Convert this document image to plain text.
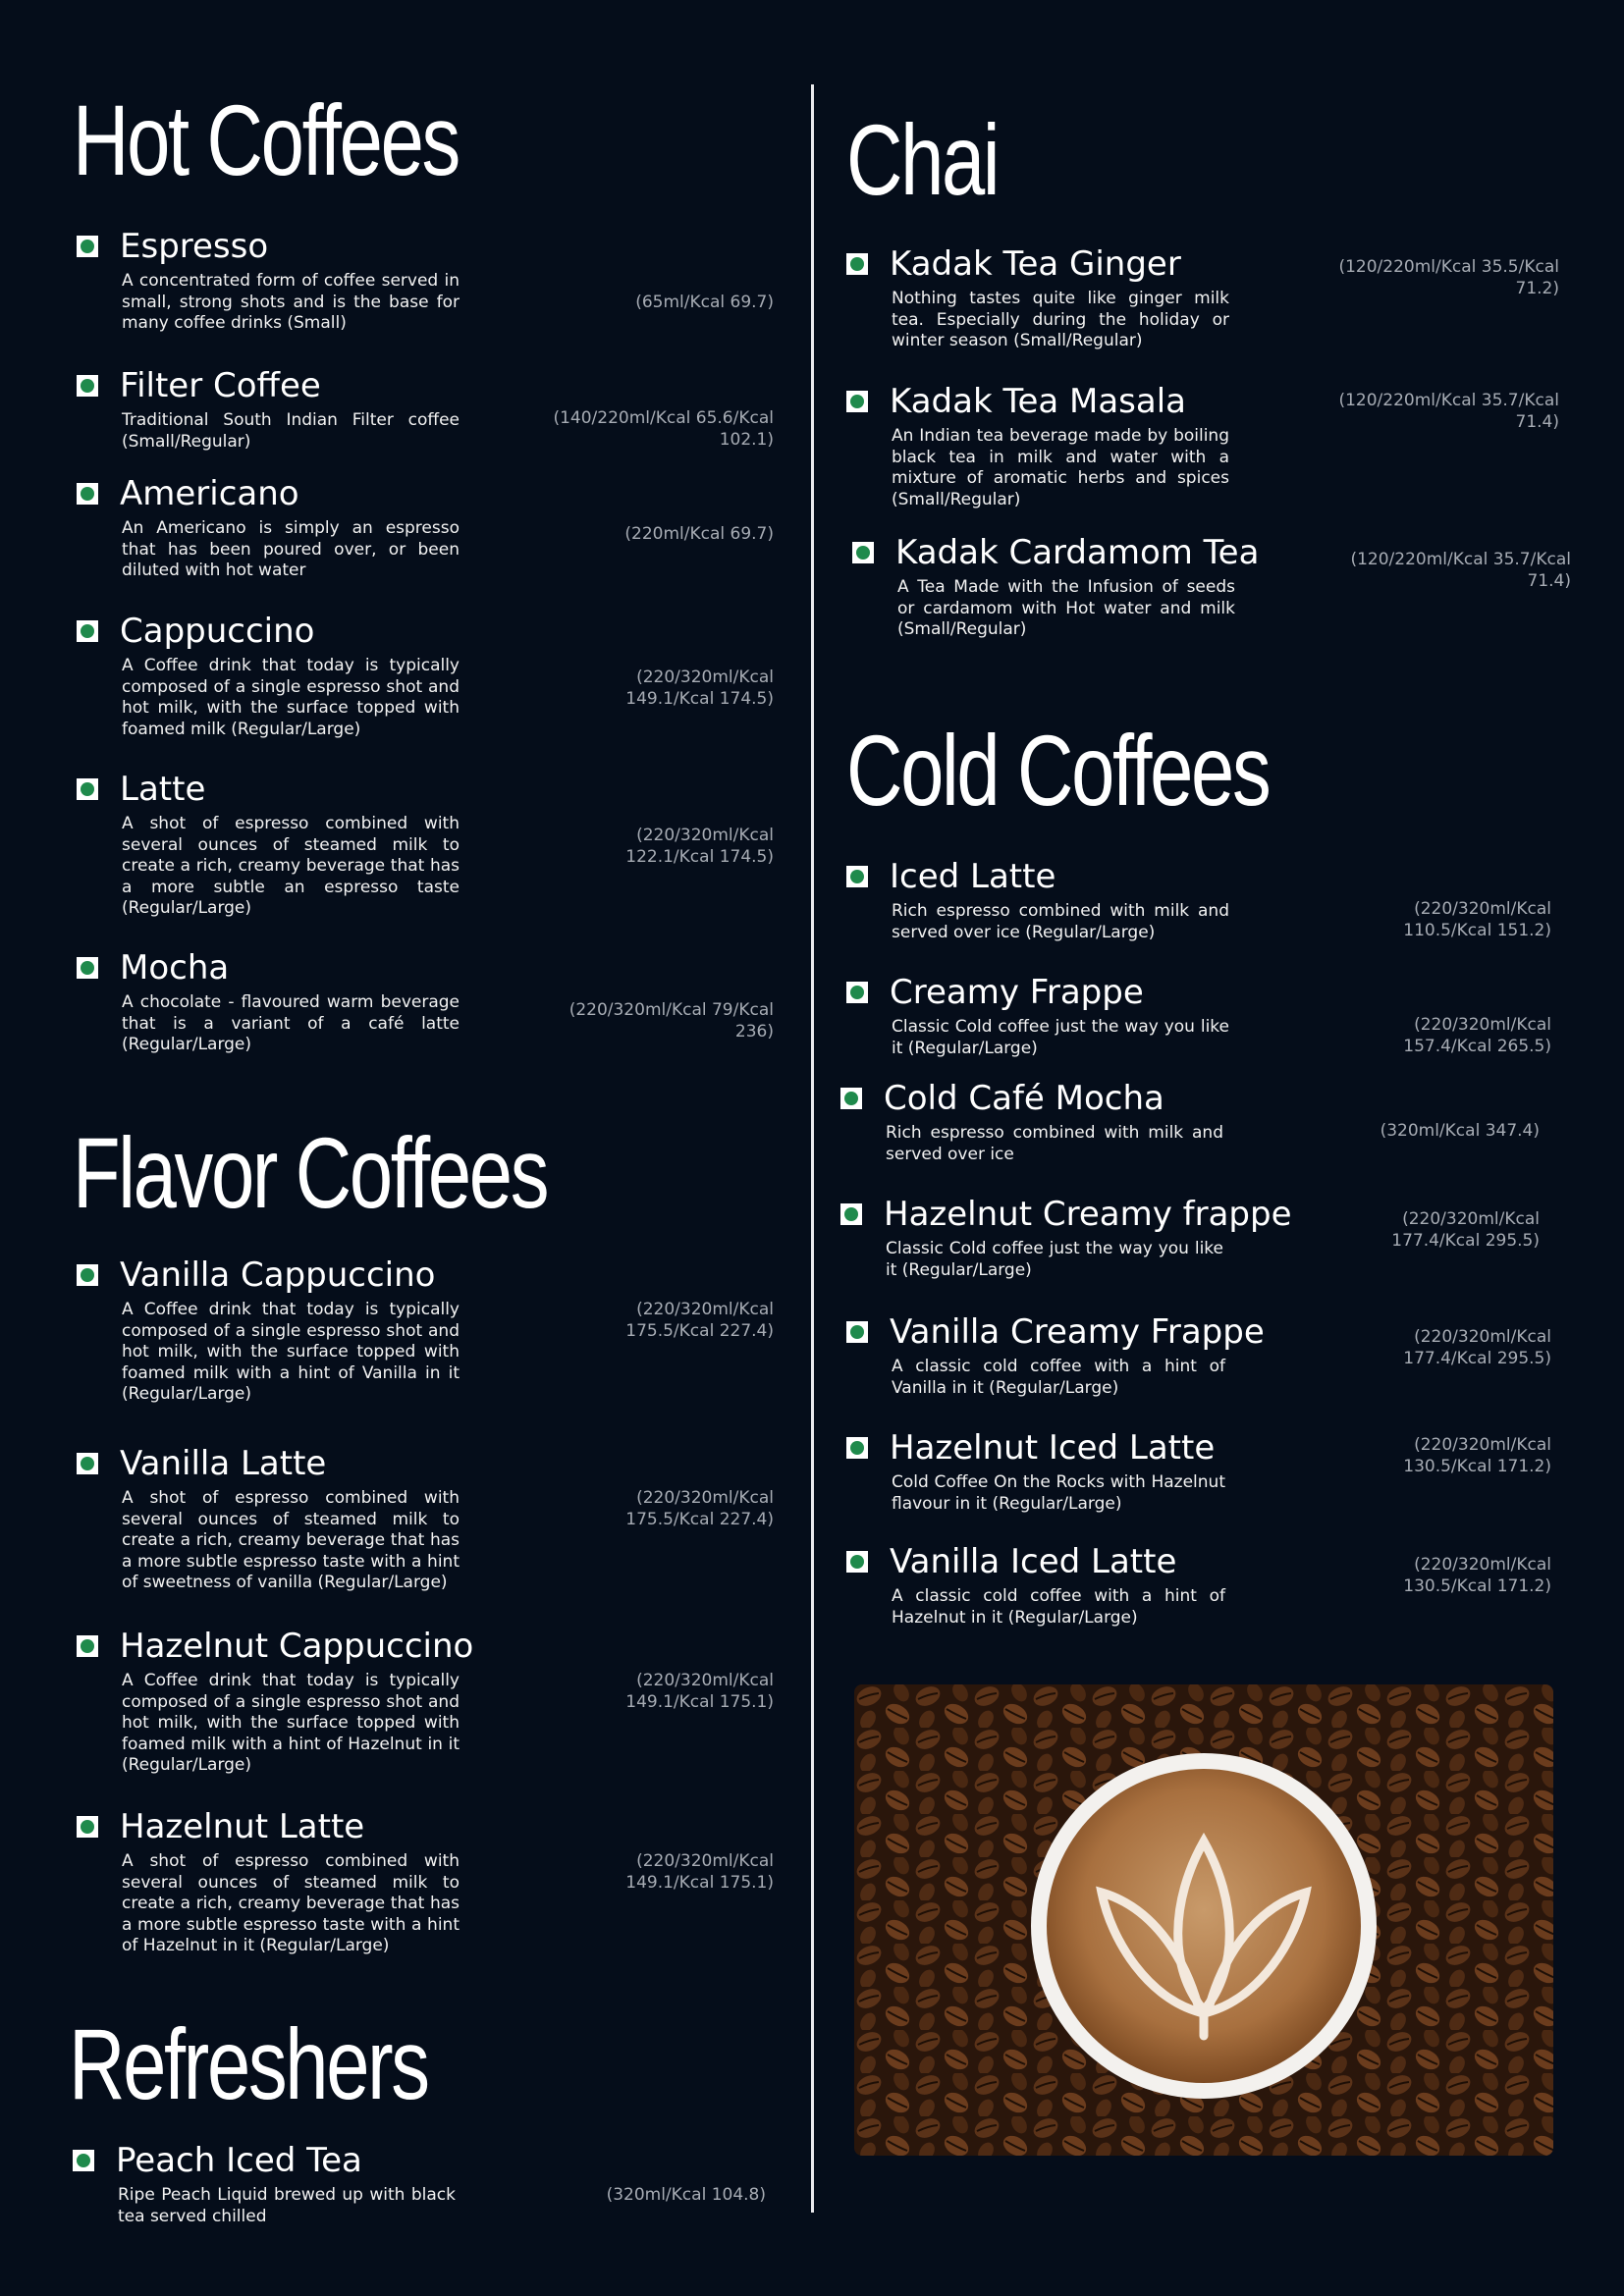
Hot Coffees
Espresso

A concentrated form of coffee served in small, strong shots and is the base for many coffee drinks (Small)

(65ml/Kcal 69.7)

Filter Coffee

Traditional South Indian Filter coffee (Small/Regular)

(140/220ml/Kcal 65.6/Kcal 102.1)

Americano

An Americano is simply an espresso that has been poured over, or been diluted with hot water

(220ml/Kcal 69.7)

Cappuccino

A Coffee drink that today is typically composed of a single espresso shot and hot milk, with the surface topped with foamed milk (Regular/Large)

(220/320ml/Kcal 149.1/Kcal 174.5)

Latte

A shot of espresso combined with several ounces of steamed milk to create a rich, creamy beverage that has a more subtle an espresso taste (Regular/Large)

(220/320ml/Kcal 122.1/Kcal 174.5)

Mocha

A chocolate - flavoured warm beverage that is a variant of a café latte (Regular/Large)

(220/320ml/Kcal 79/Kcal 236)

Flavor Coffees
Vanilla Cappuccino

A Coffee drink that today is typically composed of a single espresso shot and hot milk, with the surface topped with foamed milk with a hint of Vanilla in it (Regular/Large)

(220/320ml/Kcal 175.5/Kcal 227.4)

Vanilla Latte

A shot of espresso combined with several ounces of steamed milk to create a rich, creamy beverage that has a more subtle espresso taste with a hint of sweetness of vanilla (Regular/Large)

(220/320ml/Kcal 175.5/Kcal 227.4)

Hazelnut Cappuccino

A Coffee drink that today is typically composed of a single espresso shot and hot milk, with the surface topped with foamed milk with a hint of Hazelnut in it (Regular/Large)

(220/320ml/Kcal 149.1/Kcal 175.1)

Hazelnut Latte

A shot of espresso combined with several ounces of steamed milk to create a rich, creamy beverage that has a more subtle espresso taste with a hint of Hazelnut in it (Regular/Large)

(220/320ml/Kcal 149.1/Kcal 175.1)

Refreshers
Peach Iced Tea

Ripe Peach Liquid brewed up with black tea served chilled

(320ml/Kcal 104.8)

Chai
Kadak Tea Ginger

Nothing tastes quite like ginger milk tea. Especially during the holiday or winter season (Small/Regular)

(120/220ml/Kcal 35.5/Kcal 71.2)

Kadak Tea Masala

An Indian tea beverage made by boiling black tea in milk and water with a mixture of aromatic herbs and spices (Small/Regular)

(120/220ml/Kcal 35.7/Kcal 71.4)

Kadak Cardamom Tea

A Tea Made with the Infusion of seeds or cardamom with Hot water and milk (Small/Regular)

(120/220ml/Kcal 35.7/Kcal 71.4)

Cold Coffees
Iced Latte

Rich espresso combined with milk and served over ice (Regular/Large)

(220/320ml/Kcal 110.5/Kcal 151.2)

Creamy Frappe

Classic Cold coffee just the way you like it (Regular/Large)

(220/320ml/Kcal 157.4/Kcal 265.5)

Cold Café Mocha

Rich espresso combined with milk and served over ice

(320ml/Kcal 347.4)

Hazelnut Creamy frappe

Classic Cold coffee just the way you like it (Regular/Large)

(220/320ml/Kcal 177.4/Kcal 295.5)

Vanilla Creamy Frappe

A classic cold coffee with a hint of Vanilla in it (Regular/Large)

(220/320ml/Kcal 177.4/Kcal 295.5)

Hazelnut Iced Latte

Cold Coffee On the Rocks with Hazelnut flavour in it (Regular/Large)

(220/320ml/Kcal 130.5/Kcal 171.2)

Vanilla Iced Latte

A classic cold coffee with a hint of Hazelnut in it (Regular/Large)

(220/320ml/Kcal 130.5/Kcal 171.2)
